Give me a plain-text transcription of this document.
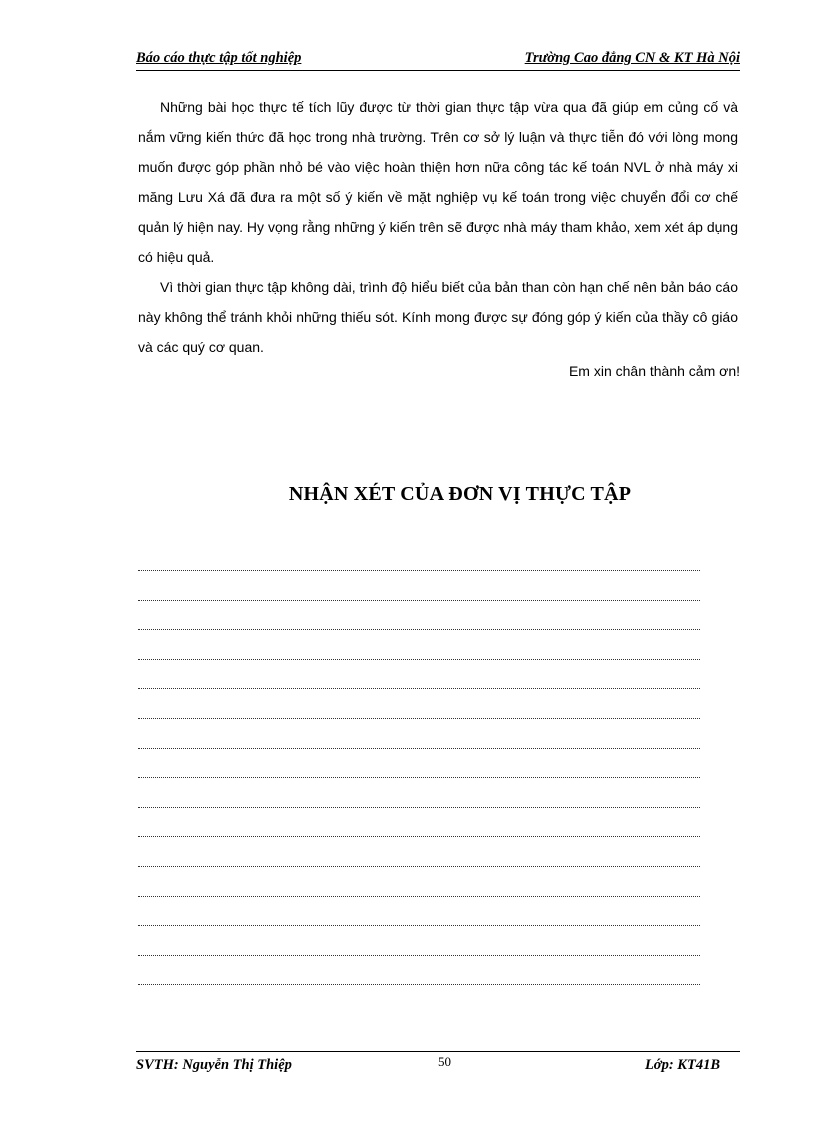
Báo cáo thực tập tốt nghiệp	Trường Cao đẳng CN & KT Hà Nội

Những bài học thực tế tích lũy được từ thời gian thực tập vừa qua đã giúp em củng cố và nắm vững kiến thức đã học trong nhà trường. Trên cơ sở lý luận và thực tiễn đó với lòng mong muốn được góp phần nhỏ bé vào việc hoàn thiện hơn nữa công tác kế toán NVL ở nhà máy xi măng Lưu Xá đã đưa ra một số ý kiến về mặt nghiệp vụ kế toán trong việc chuyển đổi cơ chế quản lý hiện nay. Hy vọng rằng những ý kiến trên sẽ được nhà máy tham khảo, xem xét áp dụng có hiệu quả.

Vì thời gian thực tập không dài, trình độ hiểu biết của bản than còn hạn chế nên bản báo cáo này không thể tránh khỏi những thiếu sót. Kính mong được sự đóng góp ý kiến của thầy cô giáo và các quý cơ quan.

Em xin chân thành cảm ơn!
NHẬN XÉT CỦA ĐƠN VỊ THỰC TẬP
SVTH: Nguyễn Thị Thiệp	50	Lớp: KT41B
